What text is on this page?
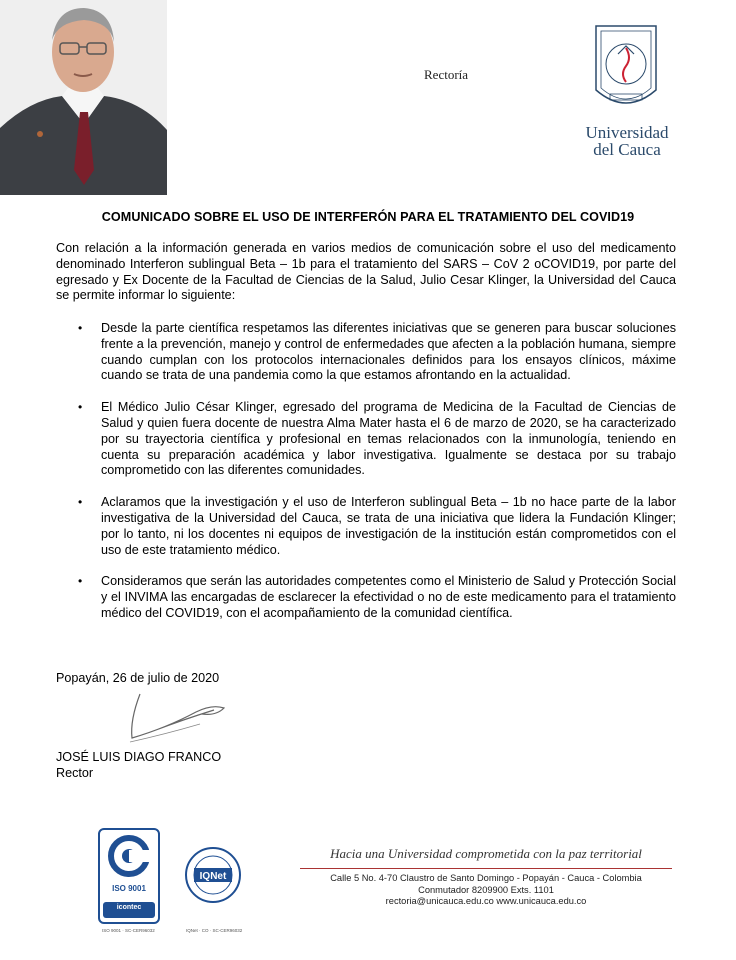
Rectoría
Universidad
del Cauca
COMUNICADO SOBRE EL USO DE INTERFERÓN PARA EL TRATAMIENTO DEL COVID19
Con relación a la información generada en varios medios de comunicación sobre el uso del medicamento denominado Interferon sublingual Beta – 1b para el tratamiento del SARS – CoV 2 oCOVID19, por parte del egresado y Ex Docente de la Facultad de Ciencias de la Salud, Julio Cesar Klinger, la Universidad del Cauca se permite informar lo siguiente:
• Desde la parte científica respetamos las diferentes iniciativas que se generen para buscar soluciones frente a la prevención, manejo y control de enfermedades que afecten a la población humana, siempre cuando cumplan con los protocolos internacionales definidos para los ensayos clínicos, máxime cuando se trata de una pandemia como la que estamos afrontando en la actualidad.
• El Médico Julio César Klinger, egresado del programa de Medicina de la Facultad de Ciencias de Salud y quien fuera docente de nuestra Alma Mater hasta el 6 de marzo de 2020, se ha caracterizado por su trayectoria científica y profesional en temas relacionados con la inmunología, teniendo en cuenta su preparación académica y labor investigativa. Igualmente se destaca por su trabajo comprometido con las diferentes comunidades.
• Aclaramos que la investigación y el uso de Interferon sublingual Beta – 1b no hace parte de la labor investigativa de la Universidad del Cauca, se trata de una iniciativa que lidera la Fundación Klinger; por lo tanto, ni los docentes ni equipos de investigación de la institución están comprometidos con el uso de este tratamiento médico.
• Consideramos que serán las autoridades competentes como el Ministerio de Salud y Protección Social y el INVIMA las encargadas de esclarecer la efectividad o no de este medicamento para el tratamiento médico del COVID19, con el acompañamiento de la comunidad científica.
Popayán, 26 de julio de 2020
JOSÉ LUIS DIAGO FRANCO
Rector
ISO 9001
icontec
ISO 9001 · SC-CER96032
IQNet
IQNet · CO · SC-CER96032
Hacia una Universidad comprometida con la paz territorial
Calle 5 No. 4-70 Claustro de Santo Domingo - Popayán - Cauca - Colombia
Conmutador 8209900 Exts. 1101
rectoria@unicauca.edu.co www.unicauca.edu.co
